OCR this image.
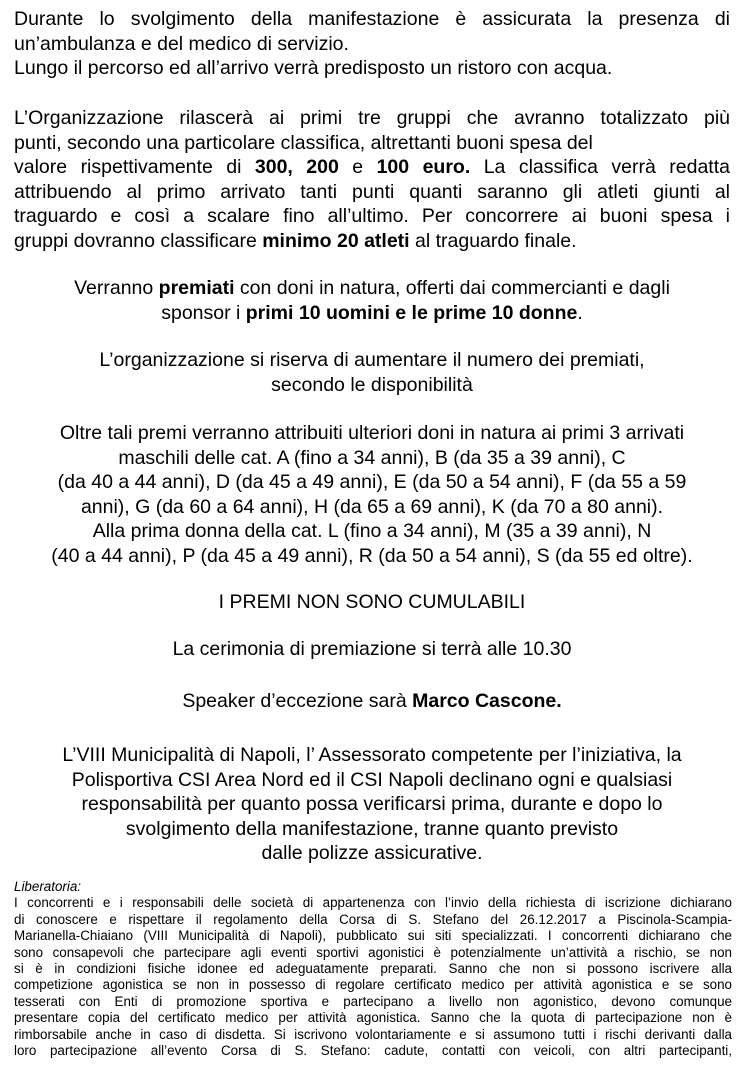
Durante lo svolgimento della manifestazione è assicurata la presenza di
un’ambulanza e del medico di servizio.
Lungo il percorso ed all’arrivo verrà predisposto un ristoro con acqua.
L’Organizzazione rilascerà ai primi tre gruppi che avranno totalizzato più
punti, secondo una particolare classifica, altrettanti buoni spesa del
valore rispettivamente di 300, 200 e 100 euro. La classifica verrà redatta
attribuendo al primo arrivato tanti punti quanti saranno gli atleti giunti al
traguardo e così a scalare fino all’ultimo. Per concorrere ai buoni spesa i
gruppi dovranno classificare minimo 20 atleti al traguardo finale.
Verranno premiati con doni in natura, offerti dai commercianti e dagli
sponsor i primi 10 uomini e le prime 10 donne.
L’organizzazione si riserva di aumentare il numero dei premiati,
secondo le disponibilità
Oltre tali premi verranno attribuiti ulteriori doni in natura ai primi 3 arrivati
maschili delle cat. A (fino a 34 anni), B (da 35 a 39 anni), C
(da 40 a 44 anni), D (da 45 a 49 anni), E (da 50 a 54 anni), F (da 55 a 59
anni), G (da 60 a 64 anni), H (da 65 a 69 anni), K (da 70 a 80 anni).
Alla prima donna della cat. L (fino a 34 anni), M (35 a 39 anni), N
(40 a 44 anni), P (da 45 a 49 anni), R (da 50 a 54 anni), S (da 55 ed oltre).
I PREMI NON SONO CUMULABILI
La cerimonia di premiazione si terrà alle 10.30
Speaker d’eccezione sarà Marco Cascone.
L’VIII Municipalità di Napoli, l’ Assessorato competente per l’iniziativa, la
Polisportiva CSI Area Nord ed il CSI Napoli declinano ogni e qualsiasi
responsabilità per quanto possa verificarsi prima, durante e dopo lo
svolgimento della manifestazione, tranne quanto previsto
dalle polizze assicurative.
Liberatoria:
I concorrenti e i responsabili delle società di appartenenza con l’invio della richiesta di iscrizione dichiarano
di conoscere e rispettare il regolamento della Corsa di S. Stefano del 26.12.2017 a Piscinola-Scampia-
Marianella-Chiaiano (VIII Municipalità di Napoli), pubblicato sui siti specializzati. I concorrenti dichiarano che
sono consapevoli che partecipare agli eventi sportivi agonistici è potenzialmente un’attività a rischio, se non
si è in condizioni fisiche idonee ed adeguatamente preparati. Sanno che non si possono iscrivere alla
competizione agonistica se non in possesso di regolare certificato medico per attività agonistica e se sono
tesserati con Enti di promozione sportiva e partecipano a livello non agonistico, devono comunque
presentare copia del certificato medico per attività agonistica. Sanno che la quota di partecipazione non è
rimborsabile anche in caso di disdetta. Si iscrivono volontariamente e si assumono tutti i rischi derivanti dalla
loro partecipazione all’evento Corsa di S. Stefano: cadute, contatti con veicoli, con altri partecipanti,
